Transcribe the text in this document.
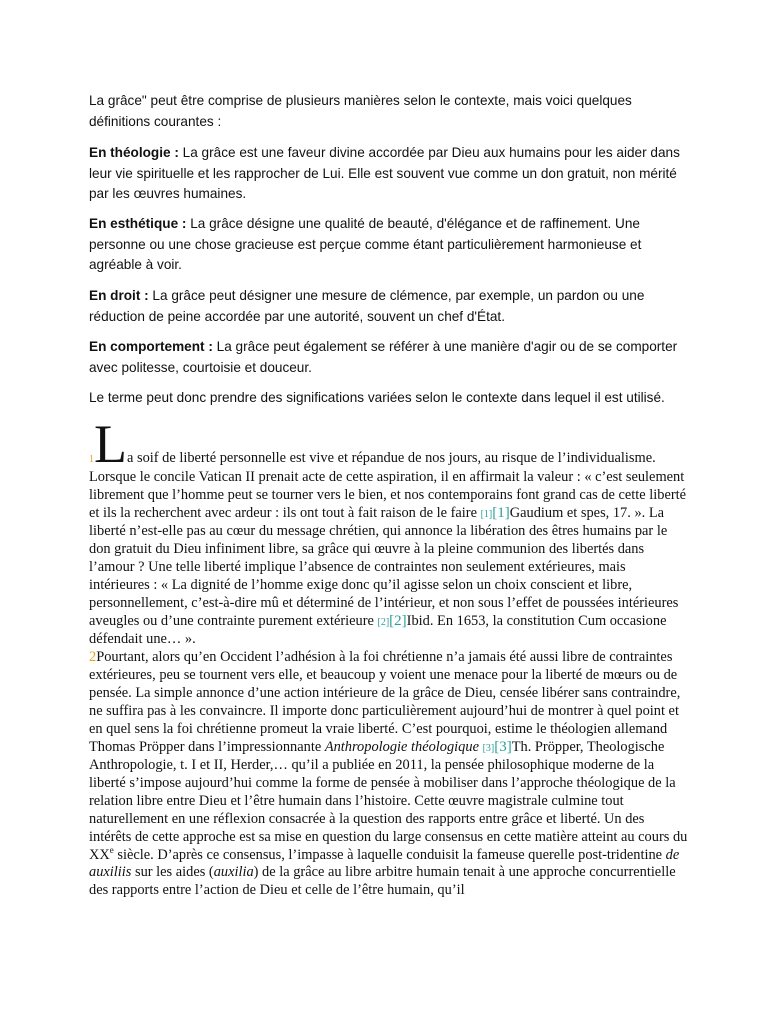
La grâce" peut être comprise de plusieurs manières selon le contexte, mais voici quelques définitions courantes :

En théologie : La grâce est une faveur divine accordée par Dieu aux humains pour les aider dans leur vie spirituelle et les rapprocher de Lui. Elle est souvent vue comme un don gratuit, non mérité par les œuvres humaines.

En esthétique : La grâce désigne une qualité de beauté, d'élégance et de raffinement. Une personne ou une chose gracieuse est perçue comme étant particulièrement harmonieuse et agréable à voir.

En droit : La grâce peut désigner une mesure de clémence, par exemple, un pardon ou une réduction de peine accordée par une autorité, souvent un chef d'État.

En comportement : La grâce peut également se référer à une manière d'agir ou de se comporter avec politesse, courtoisie et douceur.

Le terme peut donc prendre des significations variées selon le contexte dans lequel il est utilisé.

1La soif de liberté personnelle est vive et répandue de nos jours, au risque de l’individualisme. Lorsque le concile Vatican II prenait acte de cette aspiration, il en affirmait la valeur : « c’est seulement librement que l’homme peut se tourner vers le bien, et nos contemporains font grand cas de cette liberté et ils la recherchent avec ardeur : ils ont tout à fait raison de le faire [1][1]Gaudium et spes, 17. ». La liberté n’est-elle pas au cœur du message chrétien, qui annonce la libération des êtres humains par le don gratuit du Dieu infiniment libre, sa grâce qui œuvre à la pleine communion des libertés dans l’amour ? Une telle liberté implique l’absence de contraintes non seulement extérieures, mais intérieures : « La dignité de l’homme exige donc qu’il agisse selon un choix conscient et libre, personnellement, c’est-à-dire mû et déterminé de l’intérieur, et non sous l’effet de poussées intérieures aveugles ou d’une contrainte purement extérieure [2][2]Ibid. En 1653, la constitution Cum occasione défendait une… ».

2Pourtant, alors qu’en Occident l’adhésion à la foi chrétienne n’a jamais été aussi libre de contraintes extérieures, peu se tournent vers elle, et beaucoup y voient une menace pour la liberté de mœurs ou de pensée. La simple annonce d’une action intérieure de la grâce de Dieu, censée libérer sans contraindre, ne suffira pas à les convaincre. Il importe donc particulièrement aujourd’hui de montrer à quel point et en quel sens la foi chrétienne promeut la vraie liberté. C’est pourquoi, estime le théologien allemand Thomas Pröpper dans l’impressionnante Anthropologie théologique [3][3]Th. Pröpper, Theologische Anthropologie, t. I et II, Herder,… qu’il a publiée en 2011, la pensée philosophique moderne de la liberté s’impose aujourd’hui comme la forme de pensée à mobiliser dans l’approche théologique de la relation libre entre Dieu et l’être humain dans l’histoire. Cette œuvre magistrale culmine tout naturellement en une réflexion consacrée à la question des rapports entre grâce et liberté. Un des intérêts de cette approche est sa mise en question du large consensus en cette matière atteint au cours du XXe siècle. D’après ce consensus, l’impasse à laquelle conduisit la fameuse querelle post-tridentine de auxiliis sur les aides (auxilia) de la grâce au libre arbitre humain tenait à une approche concurrentielle des rapports entre l’action de Dieu et celle de l’être humain, qu’il
